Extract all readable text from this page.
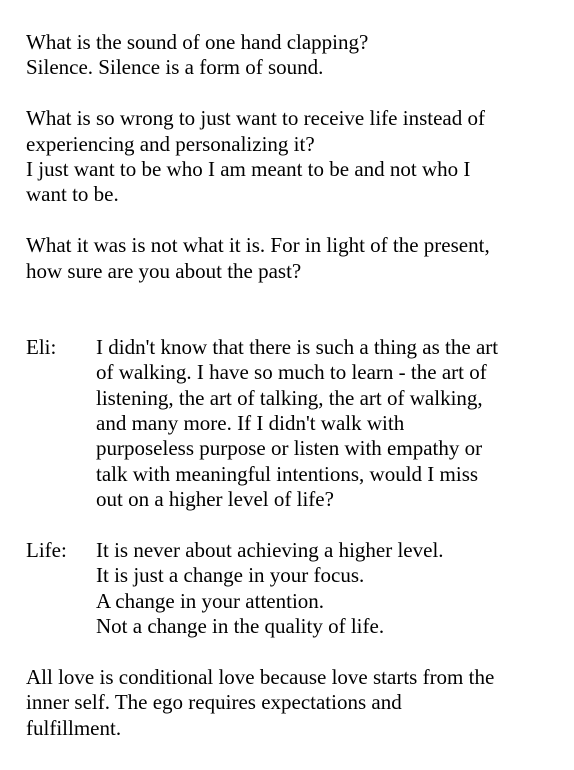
What is the sound of one hand clapping?
Silence. Silence is a form of sound.
What is so wrong to just want to receive life instead of
experiencing and personalizing it?
I just want to be who I am meant to be and not who I
want to be.
What it was is not what it is. For in light of the present,
how sure are you about the past?
Eli:	I didn't know that there is such a thing as the art
of walking. I have so much to learn - the art of
listening, the art of talking, the art of walking,
and many more. If I didn't walk with
purposeless purpose or listen with empathy or
talk with meaningful intentions, would I miss
out on a higher level of life?
Life:	It is never about achieving a higher level.
It is just a change in your focus.
A change in your attention.
Not a change in the quality of life.
All love is conditional love because love starts from the
inner self. The ego requires expectations and
fulfillment.
